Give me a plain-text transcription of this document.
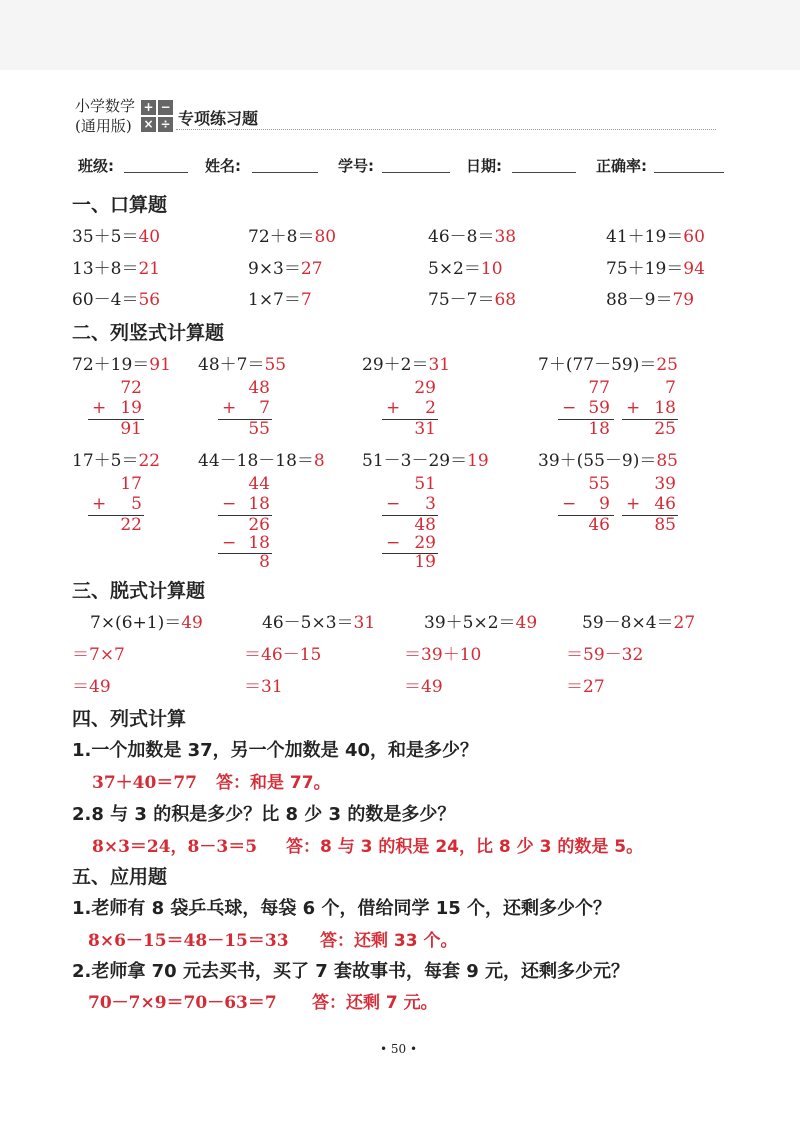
小学数学
(通用版)
+ −
× ÷ 专项练习题
班级:	姓名:	学号:	日期:	正确率:
一、口算题
35＋5＝40	72＋8＝80	46－8＝38	41＋19＝60
13＋8＝21	9×3＝27	5×2＝10	75＋19＝94
60－4＝56	1×7＝7	75－7＝68	88－9＝79
二、列竖式计算题
72＋19＝91 48＋7＝55	29＋2＝31	7＋(77－59)＝25
72
+ 19
91
48
+	7
55
29
+	2
31
77
− 59
18
7
+ 18
25
17＋5＝22 44－18－18＝8 51－3－29＝19	39＋(55－9)＝85
17
+	5
22
44
− 18
26
− 18
8
51
−	3
48
− 29
19
55
−	9
46
39
+ 46
85
三、脱式计算题
7×(6+1)＝49	46－5×3＝31	39＋5×2＝49	59－8×4＝27
＝7×7	＝46－15	＝39＋10	＝59－32
＝49	＝31	＝49	＝27
四、列式计算
1.一个加数是 37，另一个加数是 40，和是多少？
37＋40＝77 答：和是 77。
2.8 与 3 的积是多少？比 8 少 3 的数是多少？
8×3＝24，8－3＝5 答：8 与 3 的积是 24，比 8 少 3 的数是 5。
五、应用题
1.老师有 8 袋乒乓球，每袋 6 个，借给同学 15 个，还剩多少个？
8×6－15＝48－15＝33 答：还剩 33 个。
2.老师拿 70 元去买书，买了 7 套故事书，每套 9 元，还剩多少元？
70－7×9＝70－63＝7 答：还剩 7 元。
• 50 •
